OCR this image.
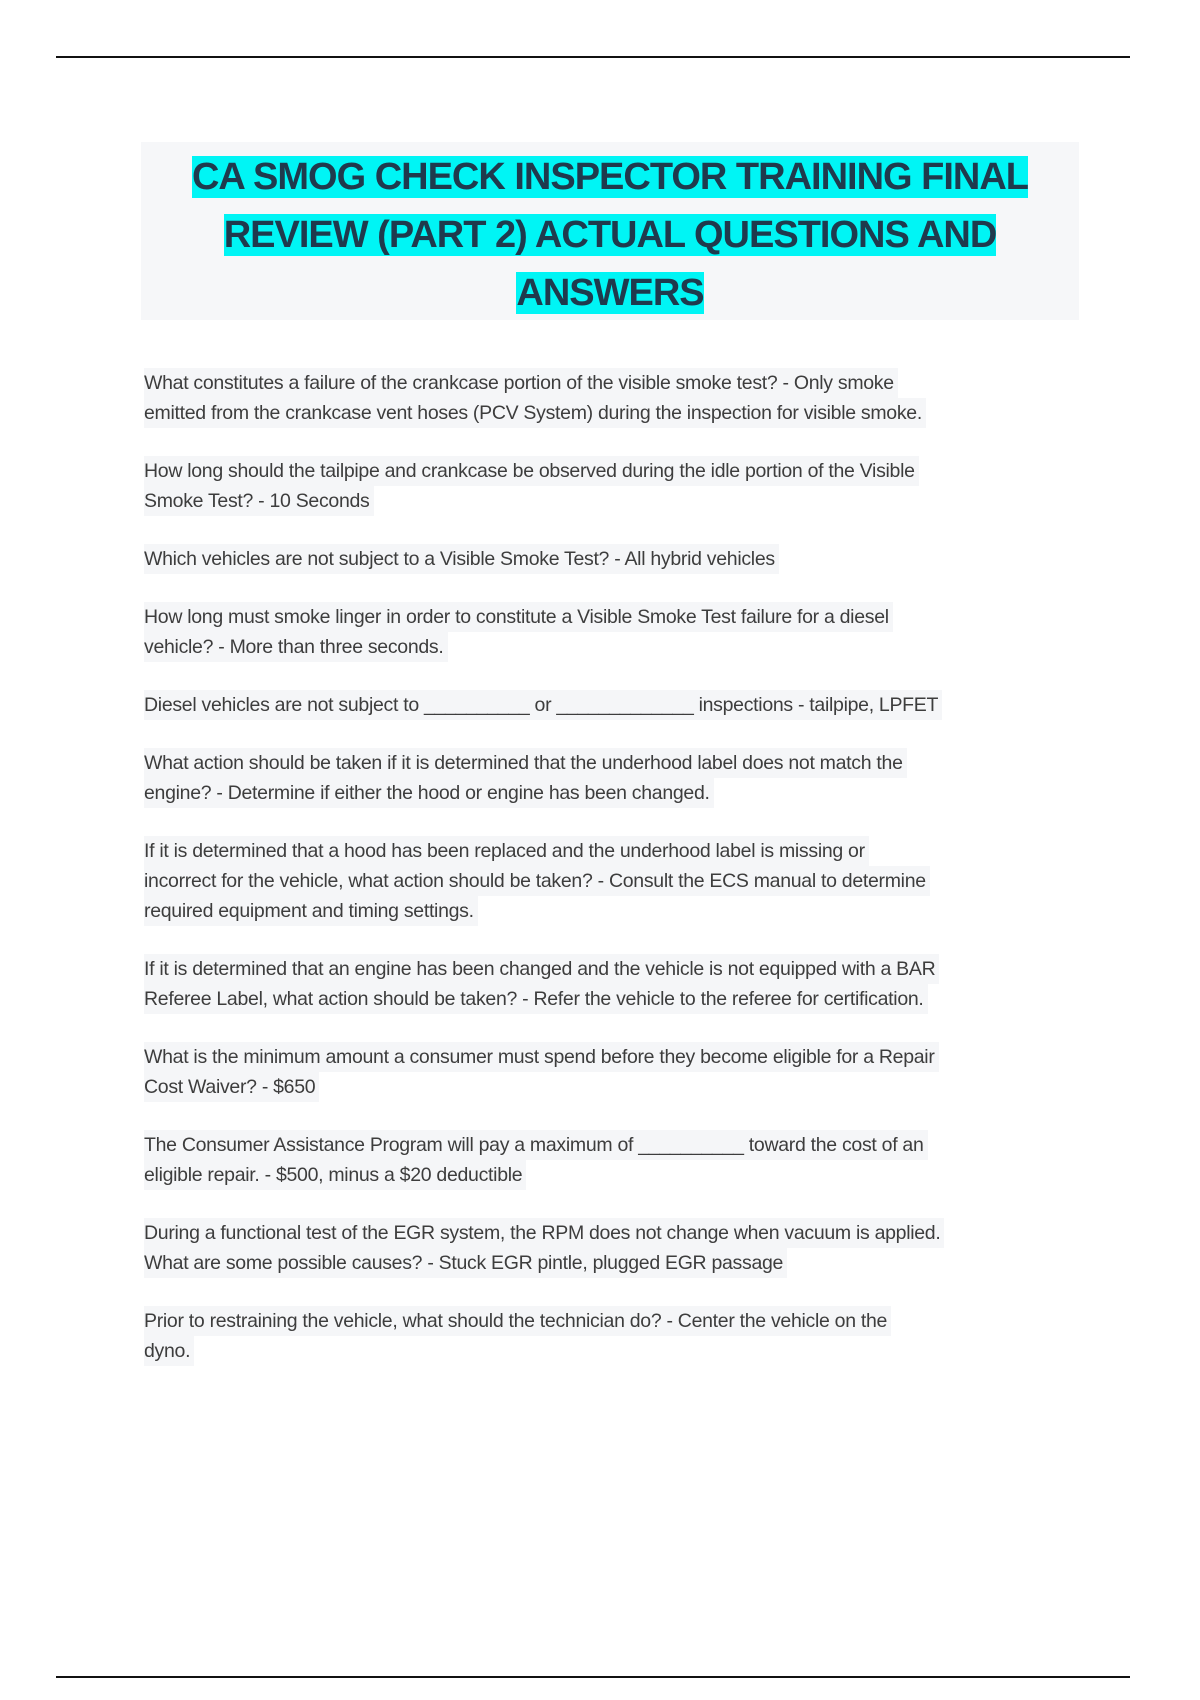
CA SMOG CHECK INSPECTOR TRAINING FINAL REVIEW (PART 2) ACTUAL QUESTIONS AND ANSWERS

What constitutes a failure of the crankcase portion of the visible smoke test? - Only smoke
emitted from the crankcase vent hoses (PCV System) during the inspection for visible smoke.

How long should the tailpipe and crankcase be observed during the idle portion of the Visible
Smoke Test? - 10 Seconds

Which vehicles are not subject to a Visible Smoke Test? - All hybrid vehicles

How long must smoke linger in order to constitute a Visible Smoke Test failure for a diesel
vehicle? - More than three seconds.

Diesel vehicles are not subject to __________ or _____________ inspections - tailpipe, LPFET

What action should be taken if it is determined that the underhood label does not match the
engine? - Determine if either the hood or engine has been changed.

If it is determined that a hood has been replaced and the underhood label is missing or
incorrect for the vehicle, what action should be taken? - Consult the ECS manual to determine
required equipment and timing settings.

If it is determined that an engine has been changed and the vehicle is not equipped with a BAR
Referee Label, what action should be taken? - Refer the vehicle to the referee for certification.

What is the minimum amount a consumer must spend before they become eligible for a Repair
Cost Waiver? - $650

The Consumer Assistance Program will pay a maximum of __________ toward the cost of an
eligible repair. - $500, minus a $20 deductible

During a functional test of the EGR system, the RPM does not change when vacuum is applied.
What are some possible causes? - Stuck EGR pintle, plugged EGR passage

Prior to restraining the vehicle, what should the technician do? - Center the vehicle on the
dyno.
